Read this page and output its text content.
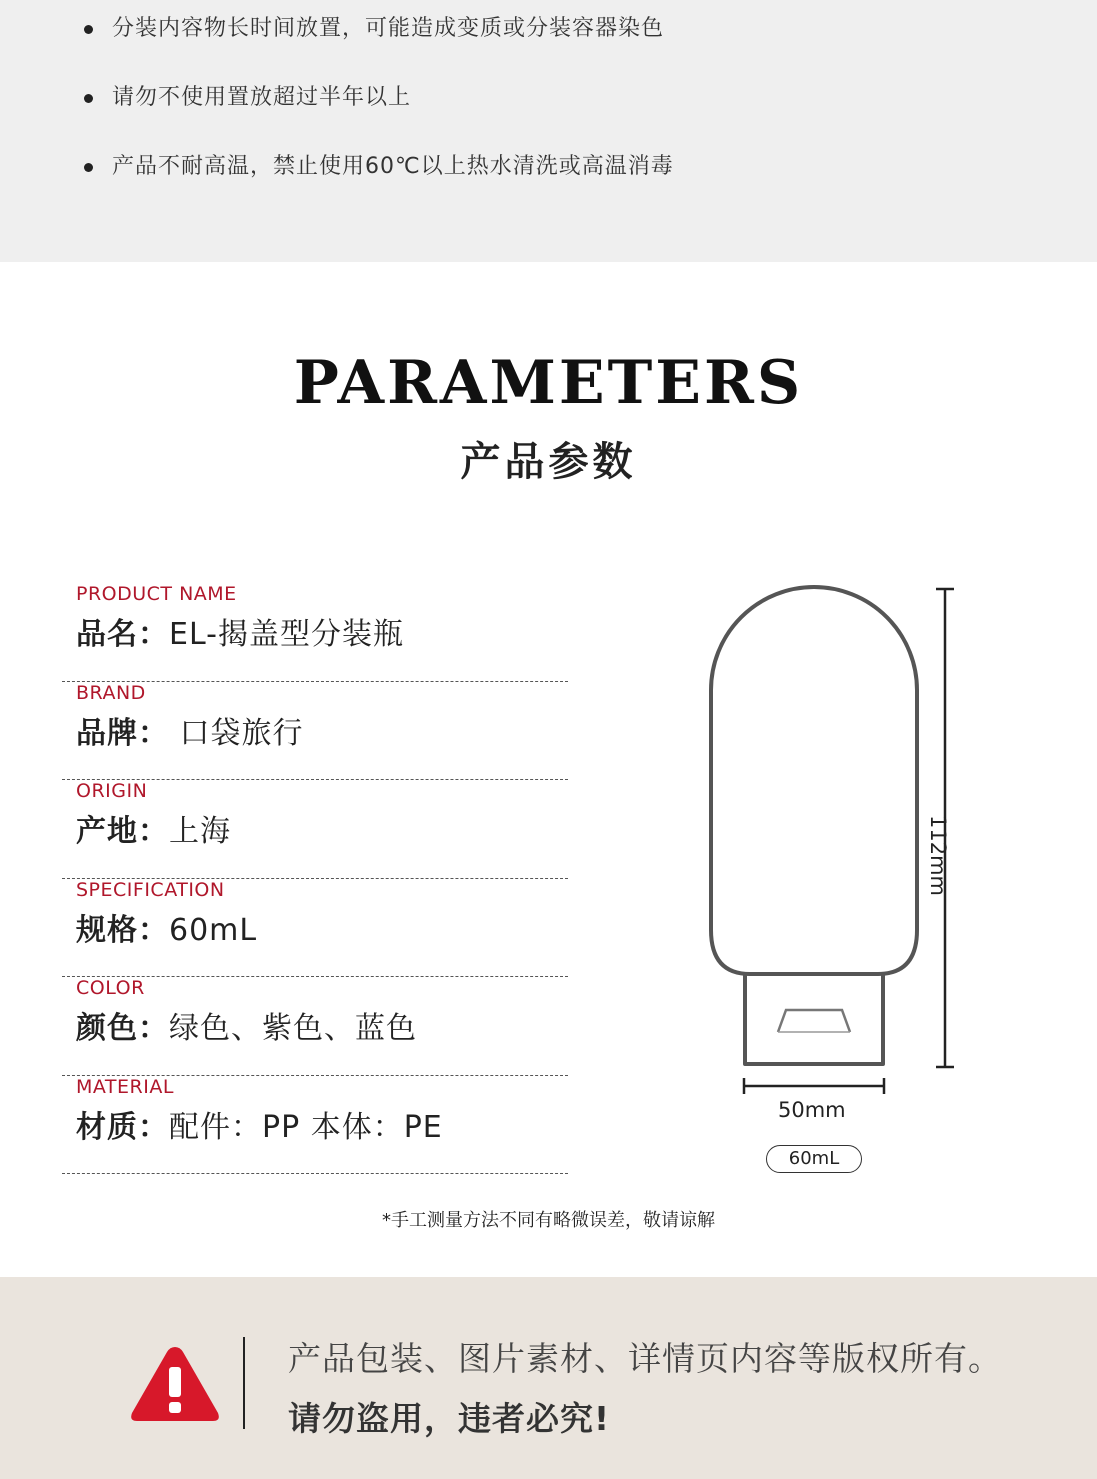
分装内容物长时间放置，可能造成变质或分装容器染色
请勿不使用置放超过半年以上
产品不耐高温，禁止使用60℃以上热水清洗或高温消毒
PARAMETERS
产品参数
PRODUCT NAME
品名：EL-揭盖型分装瓶
BRAND
品牌： 口袋旅行
ORIGIN
产地：上海
SPECIFICATION
规格：60mL
COLOR
颜色：绿色、紫色、蓝色
MATERIAL
材质：配件：PP 本体：PE
112mm
50mm
60mL
*手工测量方法不同有略微误差，敬请谅解
产品包装、图片素材、详情页内容等版权所有。
请勿盗用，违者必究!
